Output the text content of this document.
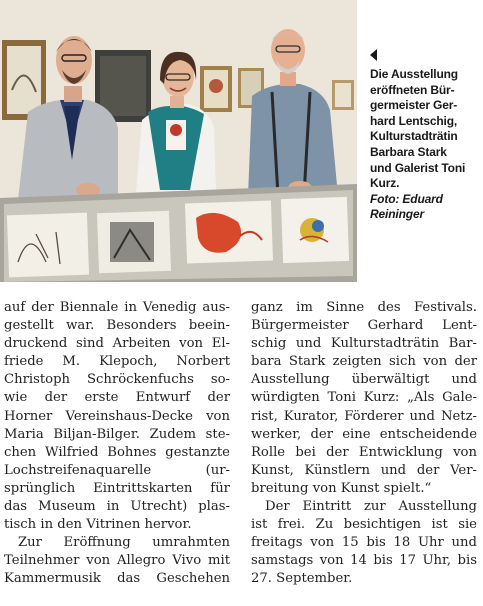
Die Ausstellung
eröffneten Bür-
germeister Ger-
hard Lentschig,
Kulturstadträtin
Barbara Stark
und Galerist Toni
Kurz.
Foto: Eduard
Reininger

auf der Biennale in Venedig aus-
gestellt war. Besonders beein-
druckend sind Arbeiten von El-
friede M. Klepoch, Norbert
Christoph Schröckenfuchs so-
wie der erste Entwurf der
Horner Vereinshaus-Decke von
Maria Biljan-Bilger. Zudem ste-
chen Wilfried Bohnes gestanzte
Lochstreifenaquarelle (ur-
sprünglich Eintrittskarten für
das Museum in Utrecht) plas-
tisch in den Vitrinen hervor.

Zur Eröffnung umrahmten
Teilnehmer von Allegro Vivo mit
Kammermusik das Geschehen

ganz im Sinne des Festivals.
Bürgermeister Gerhard Lent-
schig und Kulturstadträtin Bar-
bara Stark zeigten sich von der
Ausstellung überwältigt und
würdigten Toni Kurz: „Als Gale-
rist, Kurator, Förderer und Netz-
werker, der eine entscheidende
Rolle bei der Entwicklung von
Kunst, Künstlern und der Ver-
breitung von Kunst spielt.“

Der Eintritt zur Ausstellung
ist frei. Zu besichtigen ist sie
freitags von 15 bis 18 Uhr und
samstags von 14 bis 17 Uhr, bis
27. September.
